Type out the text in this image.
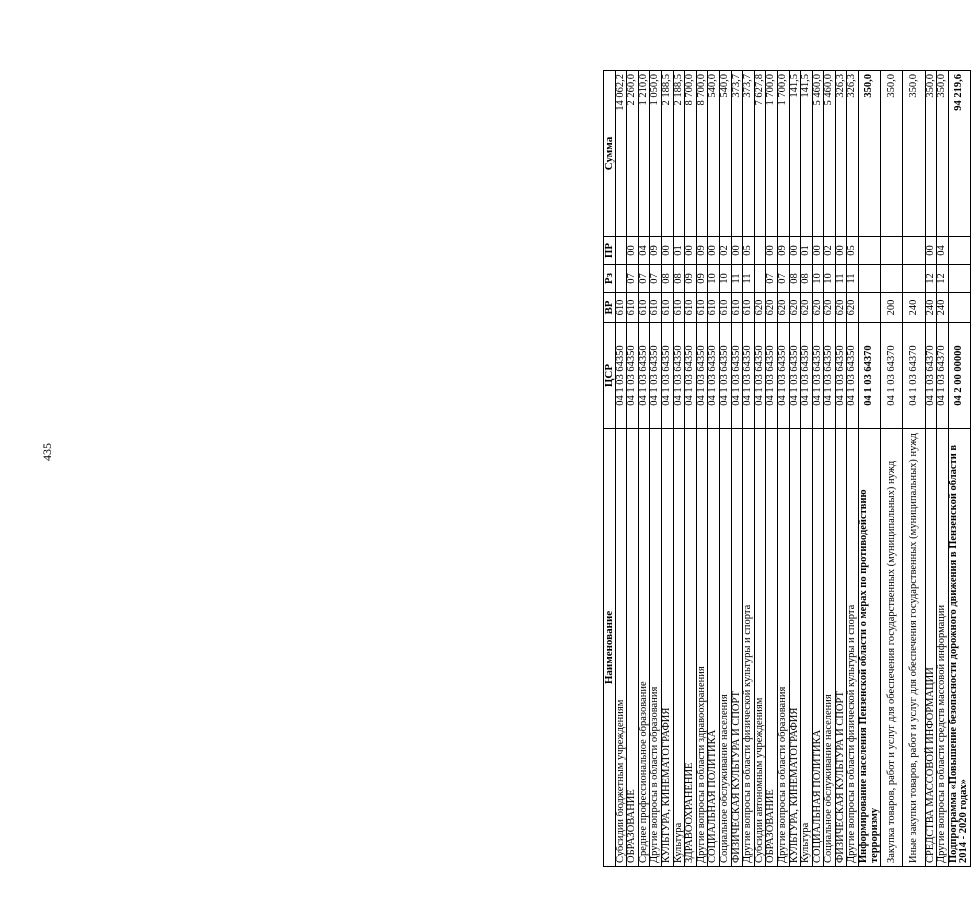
435
Наименование	ЦСР	ВР	Рз	ПР	Сумма
Субсидии бюджетным учреждениям	04 1 03 64350	610			14 062,2
ОБРАЗОВАНИЕ	04 1 03 64350	610	07	00	2 260,0
Среднее профессиональное образование	04 1 03 64350	610	07	04	1 210,0
Другие вопросы в области образования	04 1 03 64350	610	07	09	1 050,0
КУЛЬТУРА, КИНЕМАТОГРАФИЯ	04 1 03 64350	610	08	00	2 188,5
Культура	04 1 03 64350	610	08	01	2 188,5
ЗДРАВООХРАНЕНИЕ	04 1 03 64350	610	09	00	8 700,0
Другие вопросы в области здравоохранения	04 1 03 64350	610	09	09	8 700,0
СОЦИАЛЬНАЯ ПОЛИТИКА	04 1 03 64350	610	10	00	540,0
Социальное обслуживание населения	04 1 03 64350	610	10	02	540,0
ФИЗИЧЕСКАЯ КУЛЬТУРА И СПОРТ	04 1 03 64350	610	11	00	373,7
Другие вопросы в области физической культуры и спорта	04 1 03 64350	610	11	05	373,7
Субсидии автономным учреждениям	04 1 03 64350	620			7 627,8
ОБРАЗОВАНИЕ	04 1 03 64350	620	07	00	1 700,0
Другие вопросы в области образования	04 1 03 64350	620	07	09	1 700,0
КУЛЬТУРА, КИНЕМАТОГРАФИЯ	04 1 03 64350	620	08	00	141,5
Культура	04 1 03 64350	620	08	01	141,5
СОЦИАЛЬНАЯ ПОЛИТИКА	04 1 03 64350	620	10	00	5 460,0
Социальное обслуживание населения	04 1 03 64350	620	10	02	5 460,0
ФИЗИЧЕСКАЯ КУЛЬТУРА И СПОРТ	04 1 03 64350	620	11	00	326,3
Другие вопросы в области физической культуры и спорта	04 1 03 64350	620	11	05	326,3
Информирование населения Пензенской области о мерах по противодействию терроризму	04 1 03 64370				350,0
Закупка товаров, работ и услуг для обеспечения государственных (муниципальных) нужд	04 1 03 64370	200			350,0
Иные закупки товаров, работ и услуг для обеспечения государственных (муниципальных) нужд	04 1 03 64370	240			350,0
СРЕДСТВА МАССОВОЙ ИНФОРМАЦИИ	04 1 03 64370	240	12	00	350,0
Другие вопросы в области средств массовой информации	04 1 03 64370	240	12	04	350,0
Подпрограмма «Повышение безопасности дорожного движения в Пензенской области в 2014 - 2020 годах»	04 2 00 00000				94 219,6
